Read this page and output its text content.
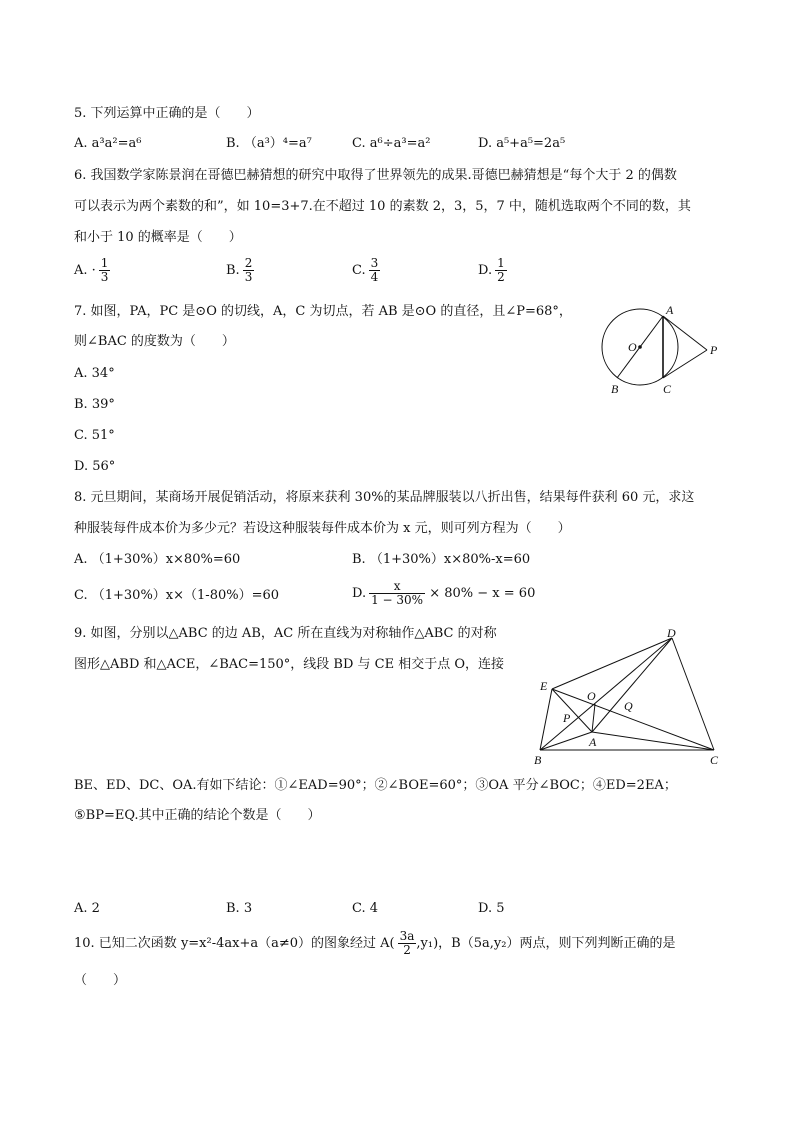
5. 下列运算中正确的是（　　）
A. a³a²=a⁶	B. （a³）⁴=a⁷	C. a⁶÷a³=a²	D. a⁵+a⁵=2a⁵
6. 我国数学家陈景润在哥德巴赫猜想的研究中取得了世界领先的成果.哥德巴赫猜想是“每个大于 2 的偶数
可以表示为两个素数的和”，如 10=3+7.在不超过 10 的素数 2，3，5，7 中，随机选取两个不同的数，其
和小于 10 的概率是（　　）
A. · $\frac{1}{3}$	B. $\frac{2}{3}$	C. $\frac{3}{4}$	D. $\frac{1}{2}$
7. 如图，PA，PC 是⊙O 的切线，A，C 为切点，若 AB 是⊙O 的直径，且∠P=68°，
则∠BAC 的度数为（　　）
A. 34°
B. 39°
C. 51°
D. 56°
A
O	P
B	C
8. 元旦期间，某商场开展促销活动，将原来获利 30%的某品牌服装以八折出售，结果每件获利 60 元，求这
种服装每件成本价为多少元？若设这种服装每件成本价为 x 元，则可列方程为（　　）
A. （1+30%）x×80%=60	B. （1+30%）x×80%-x=60
C. （1+30%）x×（1-80%）=60	D. $\frac{x}{1 - 30\%} \times 80\% - x = 60$
9. 如图，分别以△ABC 的边 AB，AC 所在直线为对称轴作△ABC 的对称
图形△ABD 和△ACE，∠BAC=150°，线段 BD 与 CE 相交于点 O，连接
D
E
O
Q
P
A
B	C
BE、ED、DC、OA.有如下结论：①∠EAD=90°；②∠BOE=60°；③OA 平分∠BOC；④ED=2EA；
⑤BP=EQ.其中正确的结论个数是（　　）
A. 2	B. 3	C. 4	D. 5
10. 已知二次函数 y=x²-4ax+a（a≠0）的图象经过 $A( \frac{3a}{2} ,y_1)$，B（5a,y₂）两点，则下列判断正确的是
（　　）
